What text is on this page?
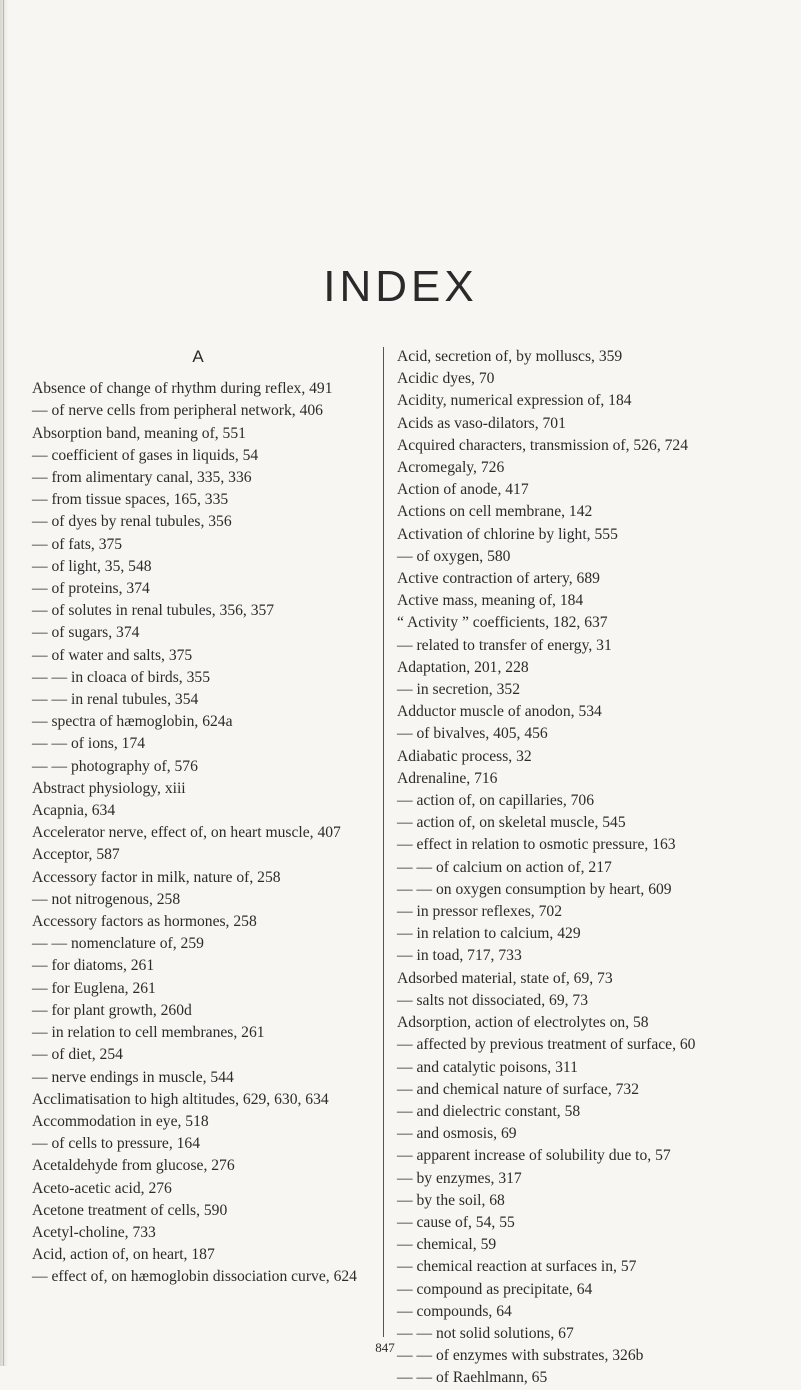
INDEX
A
Absence of change of rhythm during reflex, 491
— of nerve cells from peripheral network, 406
Absorption band, meaning of, 551
— coefficient of gases in liquids, 54
— from alimentary canal, 335, 336
— from tissue spaces, 165, 335
— of dyes by renal tubules, 356
— of fats, 375
— of light, 35, 548
— of proteins, 374
— of solutes in renal tubules, 356, 357
— of sugars, 374
— of water and salts, 375
— — in cloaca of birds, 355
— — in renal tubules, 354
— spectra of hæmoglobin, 624a
— — of ions, 174
— — photography of, 576
Abstract physiology, xiii
Acapnia, 634
Accelerator nerve, effect of, on heart muscle, 407
Acceptor, 587
Accessory factor in milk, nature of, 258
— not nitrogenous, 258
Accessory factors as hormones, 258
— — nomenclature of, 259
— for diatoms, 261
— for Euglena, 261
— for plant growth, 260d
— in relation to cell membranes, 261
— of diet, 254
— nerve endings in muscle, 544
Acclimatisation to high altitudes, 629, 630, 634
Accommodation in eye, 518
— of cells to pressure, 164
Acetaldehyde from glucose, 276
Aceto-acetic acid, 276
Acetone treatment of cells, 590
Acetyl-choline, 733
Acid, action of, on heart, 187
— effect of, on hæmoglobin dissociation curve, 624
Acid, secretion of, by molluscs, 359
Acidic dyes, 70
Acidity, numerical expression of, 184
Acids as vaso-dilators, 701
Acquired characters, transmission of, 526, 724
Acromegaly, 726
Action of anode, 417
Actions on cell membrane, 142
Activation of chlorine by light, 555
— of oxygen, 580
Active contraction of artery, 689
Active mass, meaning of, 184
“ Activity ” coefficients, 182, 637
— related to transfer of energy, 31
Adaptation, 201, 228
— in secretion, 352
Adductor muscle of anodon, 534
— of bivalves, 405, 456
Adiabatic process, 32
Adrenaline, 716
— action of, on capillaries, 706
— action of, on skeletal muscle, 545
— effect in relation to osmotic pressure, 163
— — of calcium on action of, 217
— — on oxygen consumption by heart, 609
— in pressor reflexes, 702
— in relation to calcium, 429
— in toad, 717, 733
Adsorbed material, state of, 69, 73
— salts not dissociated, 69, 73
Adsorption, action of electrolytes on, 58
— affected by previous treatment of surface, 60
— and catalytic poisons, 311
— and chemical nature of surface, 732
— and dielectric constant, 58
— and osmosis, 69
— apparent increase of solubility due to, 57
— by enzymes, 317
— by the soil, 68
— cause of, 54, 55
— chemical, 59
— chemical reaction at surfaces in, 57
— compound as precipitate, 64
— compounds, 64
— — not solid solutions, 67
— — of enzymes with substrates, 326b
— — of Raehlmann, 65
847
